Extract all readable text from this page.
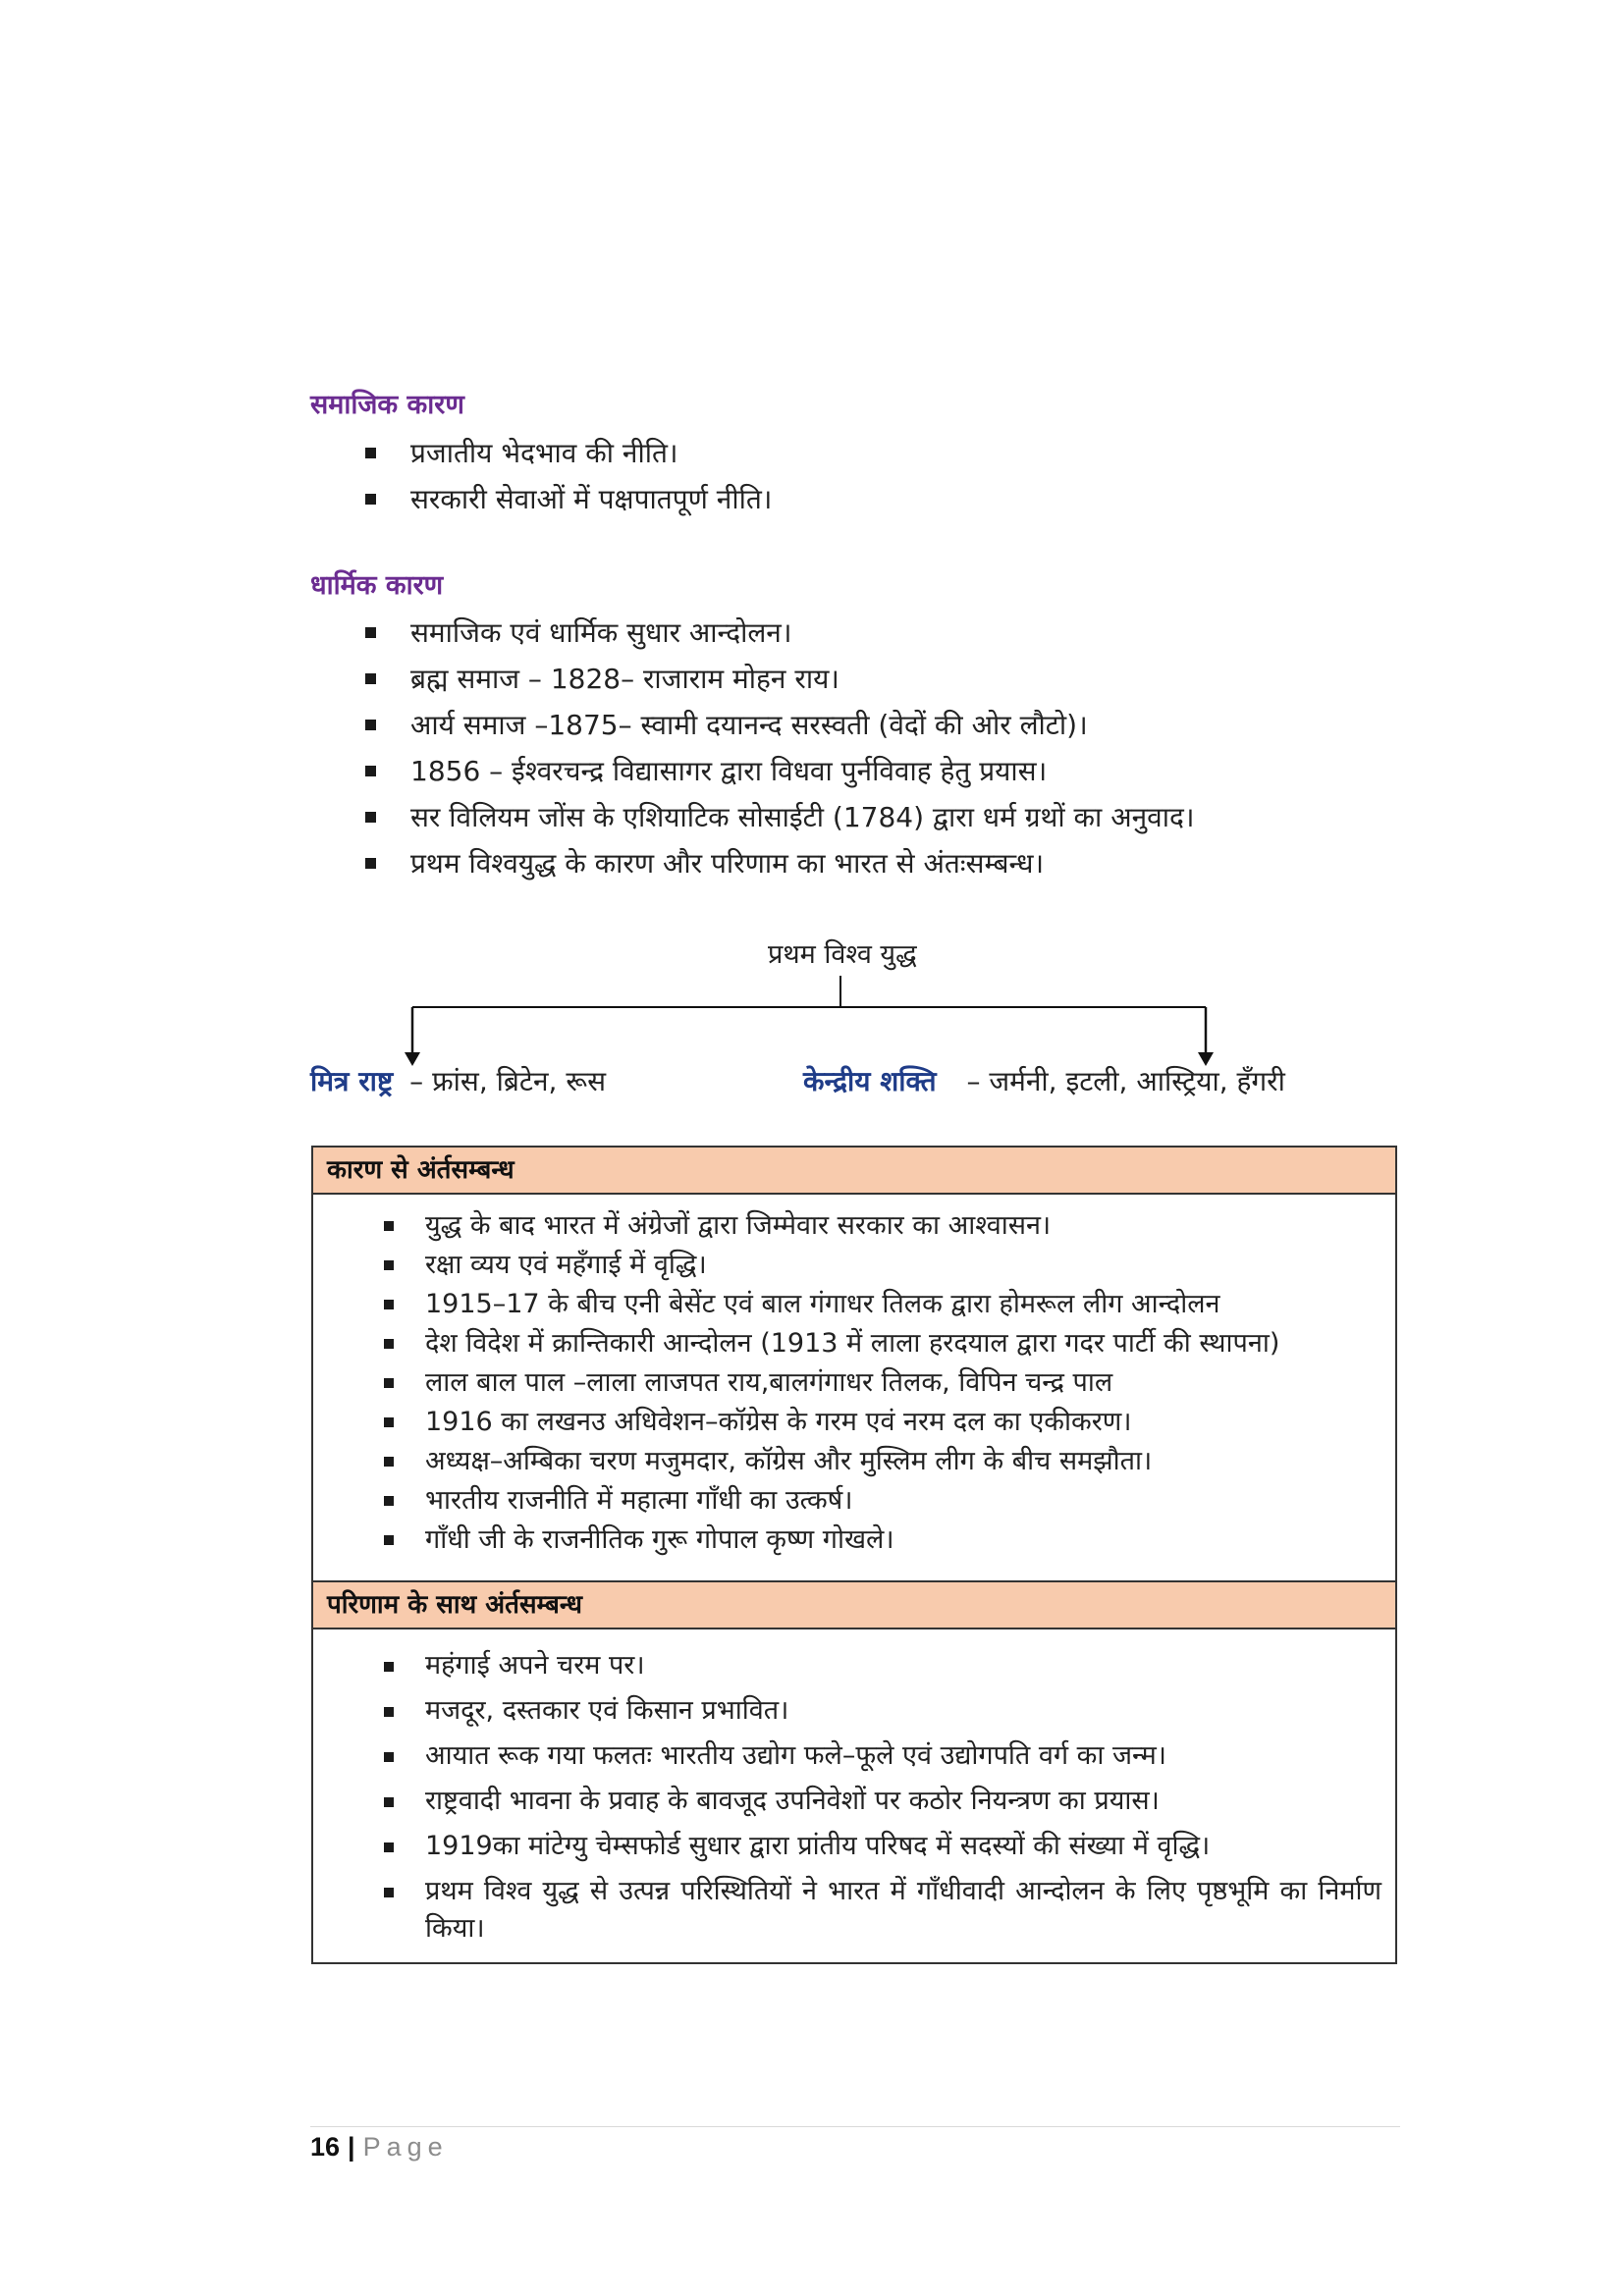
समाजिक कारण
प्रजातीय भेदभाव की नीति।
सरकारी सेवाओं में पक्षपातपूर्ण नीति।
धार्मिक कारण
समाजिक एवं धार्मिक सुधार आन्दोलन।
ब्रह्म समाज – 1828– राजाराम मोहन राय।
आर्य समाज –1875– स्वामी दयानन्द सरस्वती (वेदों की ओर लौटो)।
1856 – ईश्वरचन्द्र विद्यासागर द्वारा विधवा पुर्नविवाह हेतु प्रयास।
सर विलियम जोंस के एशियाटिक सोसाईटी (1784) द्वारा धर्म ग्रथों का अनुवाद।
प्रथम विश्वयुद्ध के कारण और परिणाम का भारत से अंतःसम्बन्ध।
प्रथम विश्व युद्ध
मित्र राष्ट्र – फ्रांस, ब्रिटेन, रूस	केन्द्रीय शक्ति – जर्मनी, इटली, आस्ट्रिया, हँगरी
कारण से अंर्तसम्बन्ध
युद्ध के बाद भारत में अंग्रेजों द्वारा जिम्मेवार सरकार का आश्वासन।
रक्षा व्यय एवं महँगाई में वृद्धि।
1915–17 के बीच एनी बेसेंट एवं बाल गंगाधर तिलक द्वारा होमरूल लीग आन्दोलन
देश विदेश में क्रान्तिकारी आन्दोलन (1913 में लाला हरदयाल द्वारा गदर पार्टी की स्थापना)
लाल बाल पाल –लाला लाजपत राय,बालगंगाधर तिलक, विपिन चन्द्र पाल
1916 का लखनउ अधिवेशन–कॉग्रेस के गरम एवं नरम दल का एकीकरण।
अध्यक्ष–अम्बिका चरण मजुमदार, कॉग्रेस और मुस्लिम लीग के बीच समझौता।
भारतीय राजनीति में महात्मा गाँधी का उत्कर्ष।
गाँधी जी के राजनीतिक गुरू गोपाल कृष्ण गोखले।
परिणाम के साथ अंर्तसम्बन्ध
महंगाई अपने चरम पर।
मजदूर, दस्तकार एवं किसान प्रभावित।
आयात रूक गया फलतः भारतीय उद्योग फले–फूले एवं उद्योगपति वर्ग का जन्म।
राष्ट्रवादी भावना के प्रवाह के बावजूद उपनिवेशों पर कठोर नियन्त्रण का प्रयास।
1919का मांटेग्यु चेम्सफोर्ड सुधार द्वारा प्रांतीय परिषद में सदस्यों की संख्या में वृद्धि।
प्रथम विश्व युद्ध से उत्पन्न परिस्थितियों ने भारत में गाँधीवादी आन्दोलन के लिए पृष्ठभूमि का निर्माण किया।
16 | Page
